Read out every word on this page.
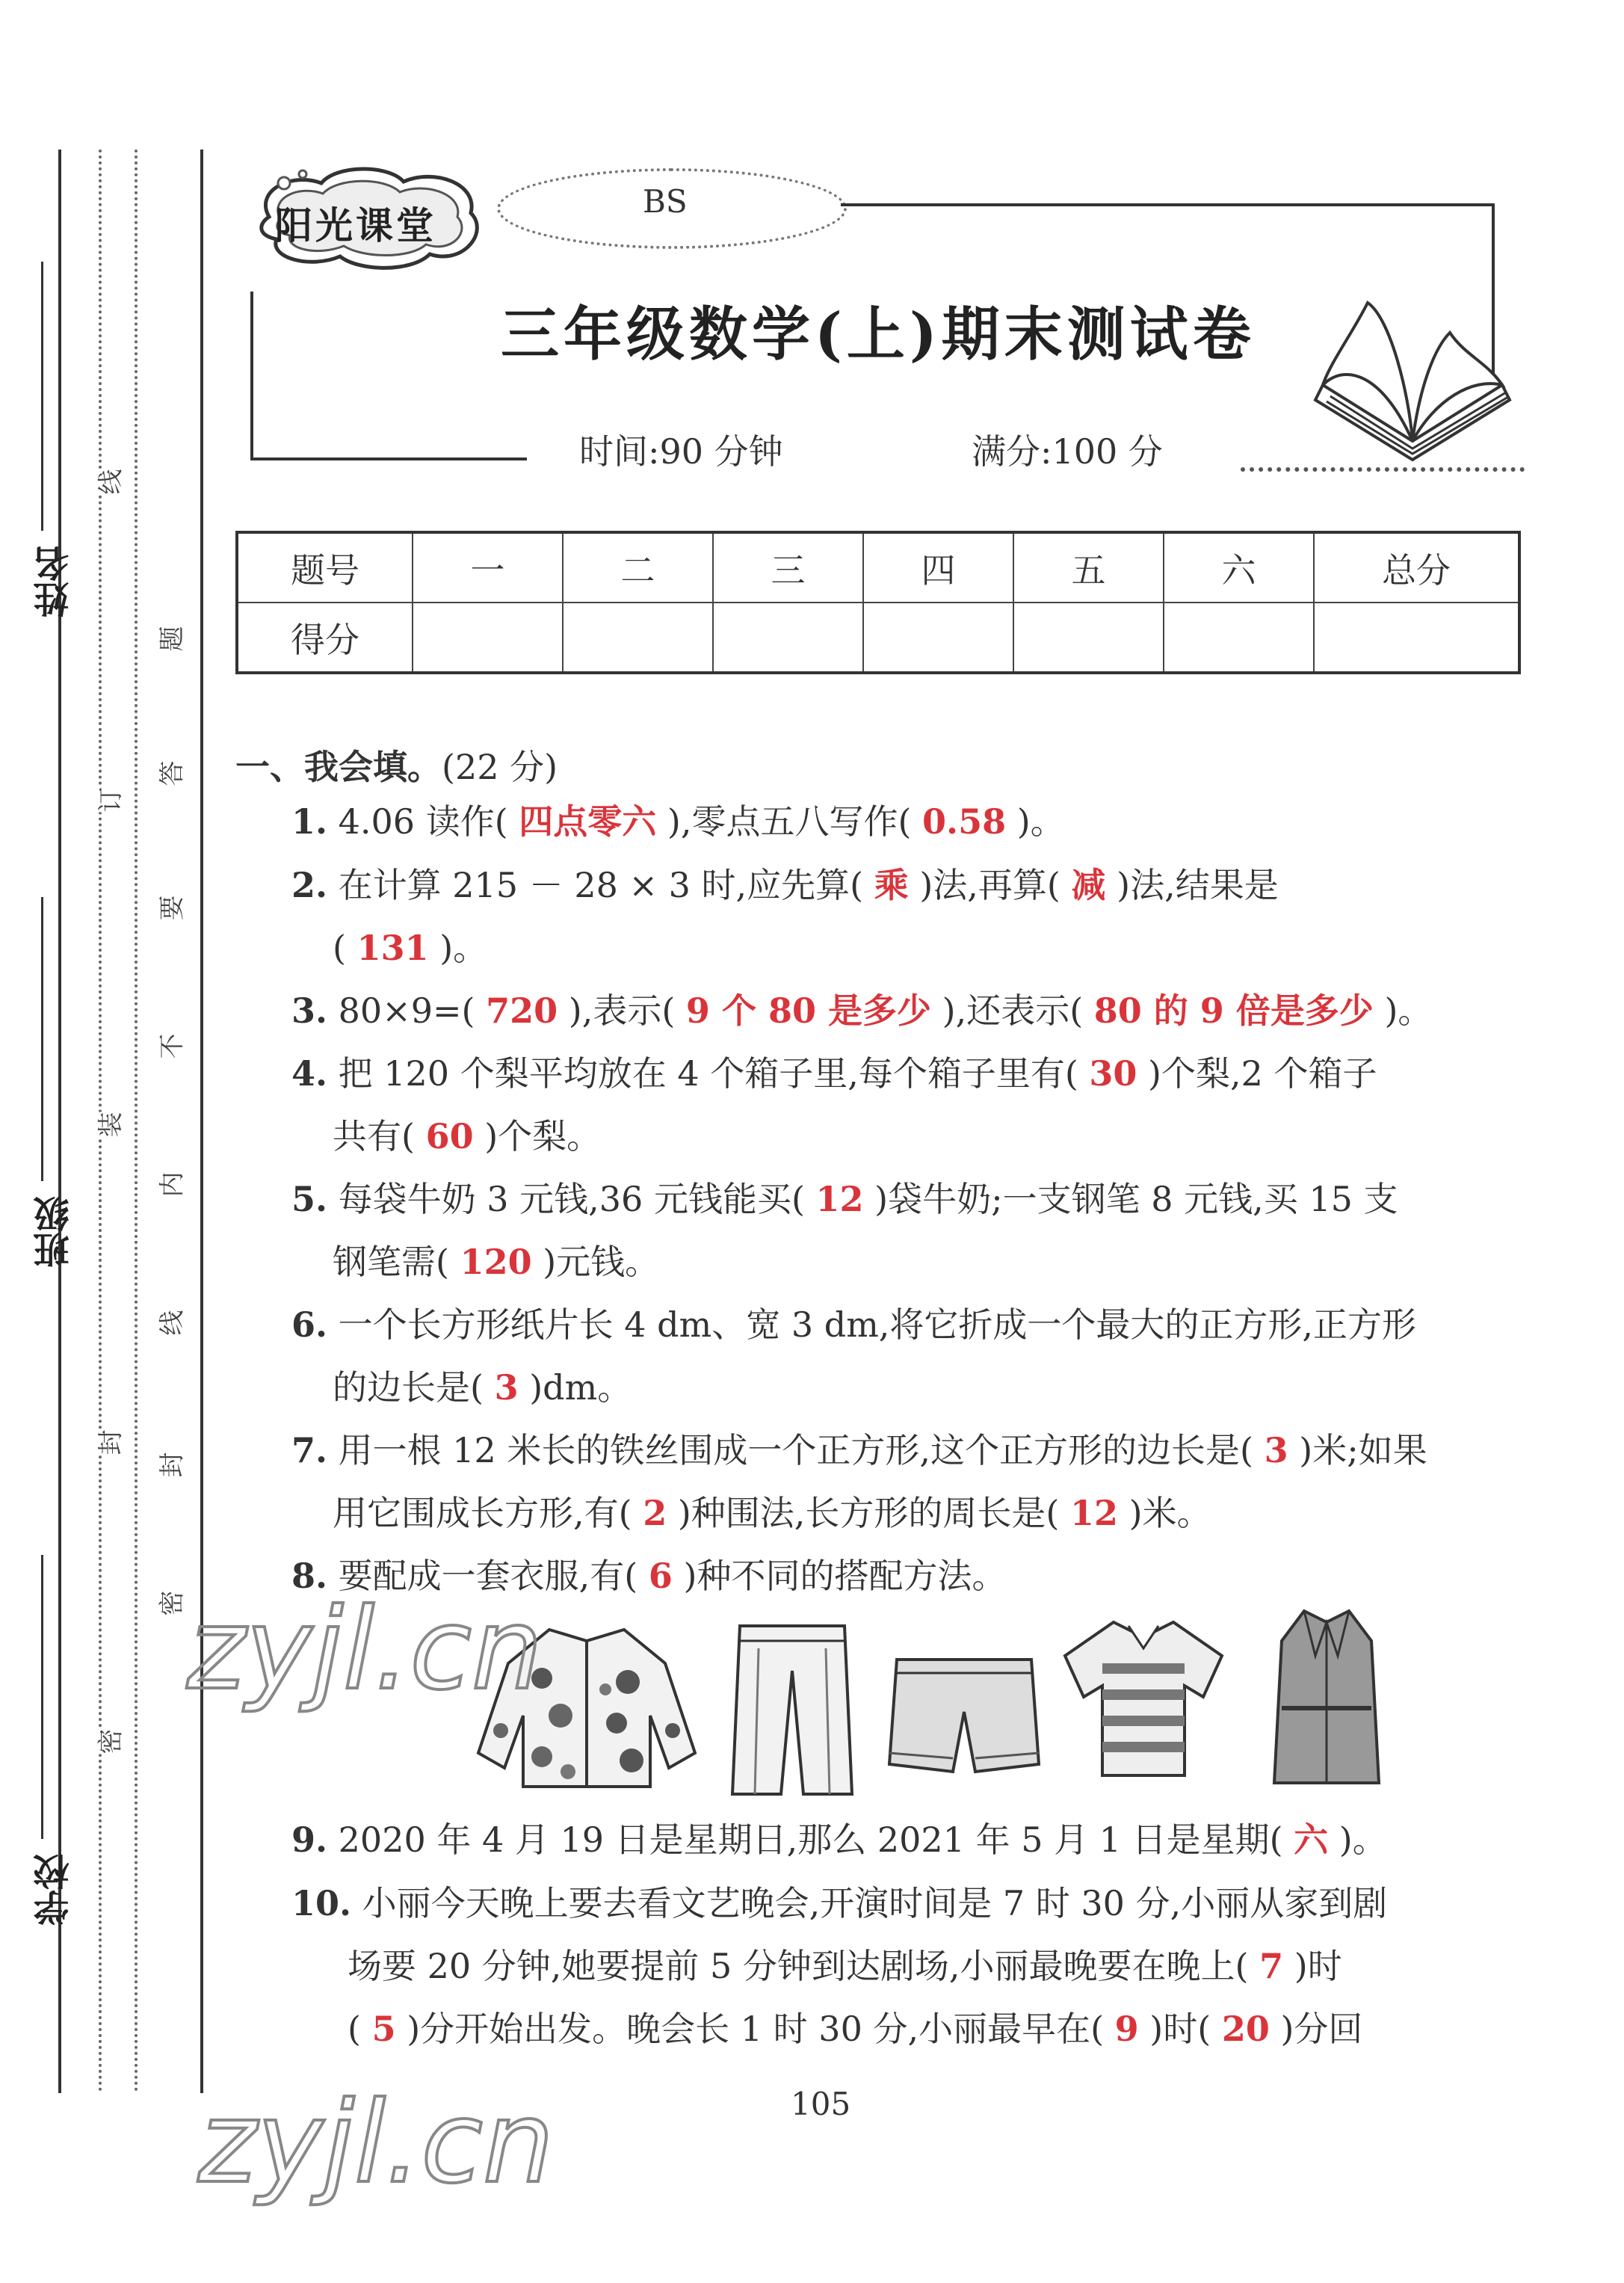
姓名
班级
学校
线
订
装
封
密
题
答
要
不
内
线
封
密
阳光课堂
BS
三年级数学(上)期末测试卷
时间:90 分钟	满分:100 分
题号	一	二	三	四	五	六	总分
得分							
一、我会填。(22 分)
1. 4.06 读作( 四点零六 ),零点五八写作( 0.58 )。
2. 在计算 215 － 28 × 3 时,应先算( 乘 )法,再算( 减 )法,结果是
( 131 )。
3. 80×9=( 720 ),表示( 9 个 80 是多少 ),还表示( 80 的 9 倍是多少 )。
4. 把 120 个梨平均放在 4 个箱子里,每个箱子里有( 30 )个梨,2 个箱子
共有( 60 )个梨。
5. 每袋牛奶 3 元钱,36 元钱能买( 12 )袋牛奶;一支钢笔 8 元钱,买 15 支
钢笔需( 120 )元钱。
6. 一个长方形纸片长 4 dm、宽 3 dm,将它折成一个最大的正方形,正方形
的边长是( 3 )dm。
7. 用一根 12 米长的铁丝围成一个正方形,这个正方形的边长是( 3 )米;如果
用它围成长方形,有( 2 )种围法,长方形的周长是( 12 )米。
8. 要配成一套衣服,有( 6 )种不同的搭配方法。
9. 2020 年 4 月 19 日是星期日,那么 2021 年 5 月 1 日是星期( 六 )。
10. 小丽今天晚上要去看文艺晚会,开演时间是 7 时 30 分,小丽从家到剧
场要 20 分钟,她要提前 5 分钟到达剧场,小丽最晚要在晚上( 7 )时
( 5 )分开始出发。晚会长 1 时 30 分,小丽最早在( 9 )时( 20 )分回
105
zyjl.cn
zyjl.cn
